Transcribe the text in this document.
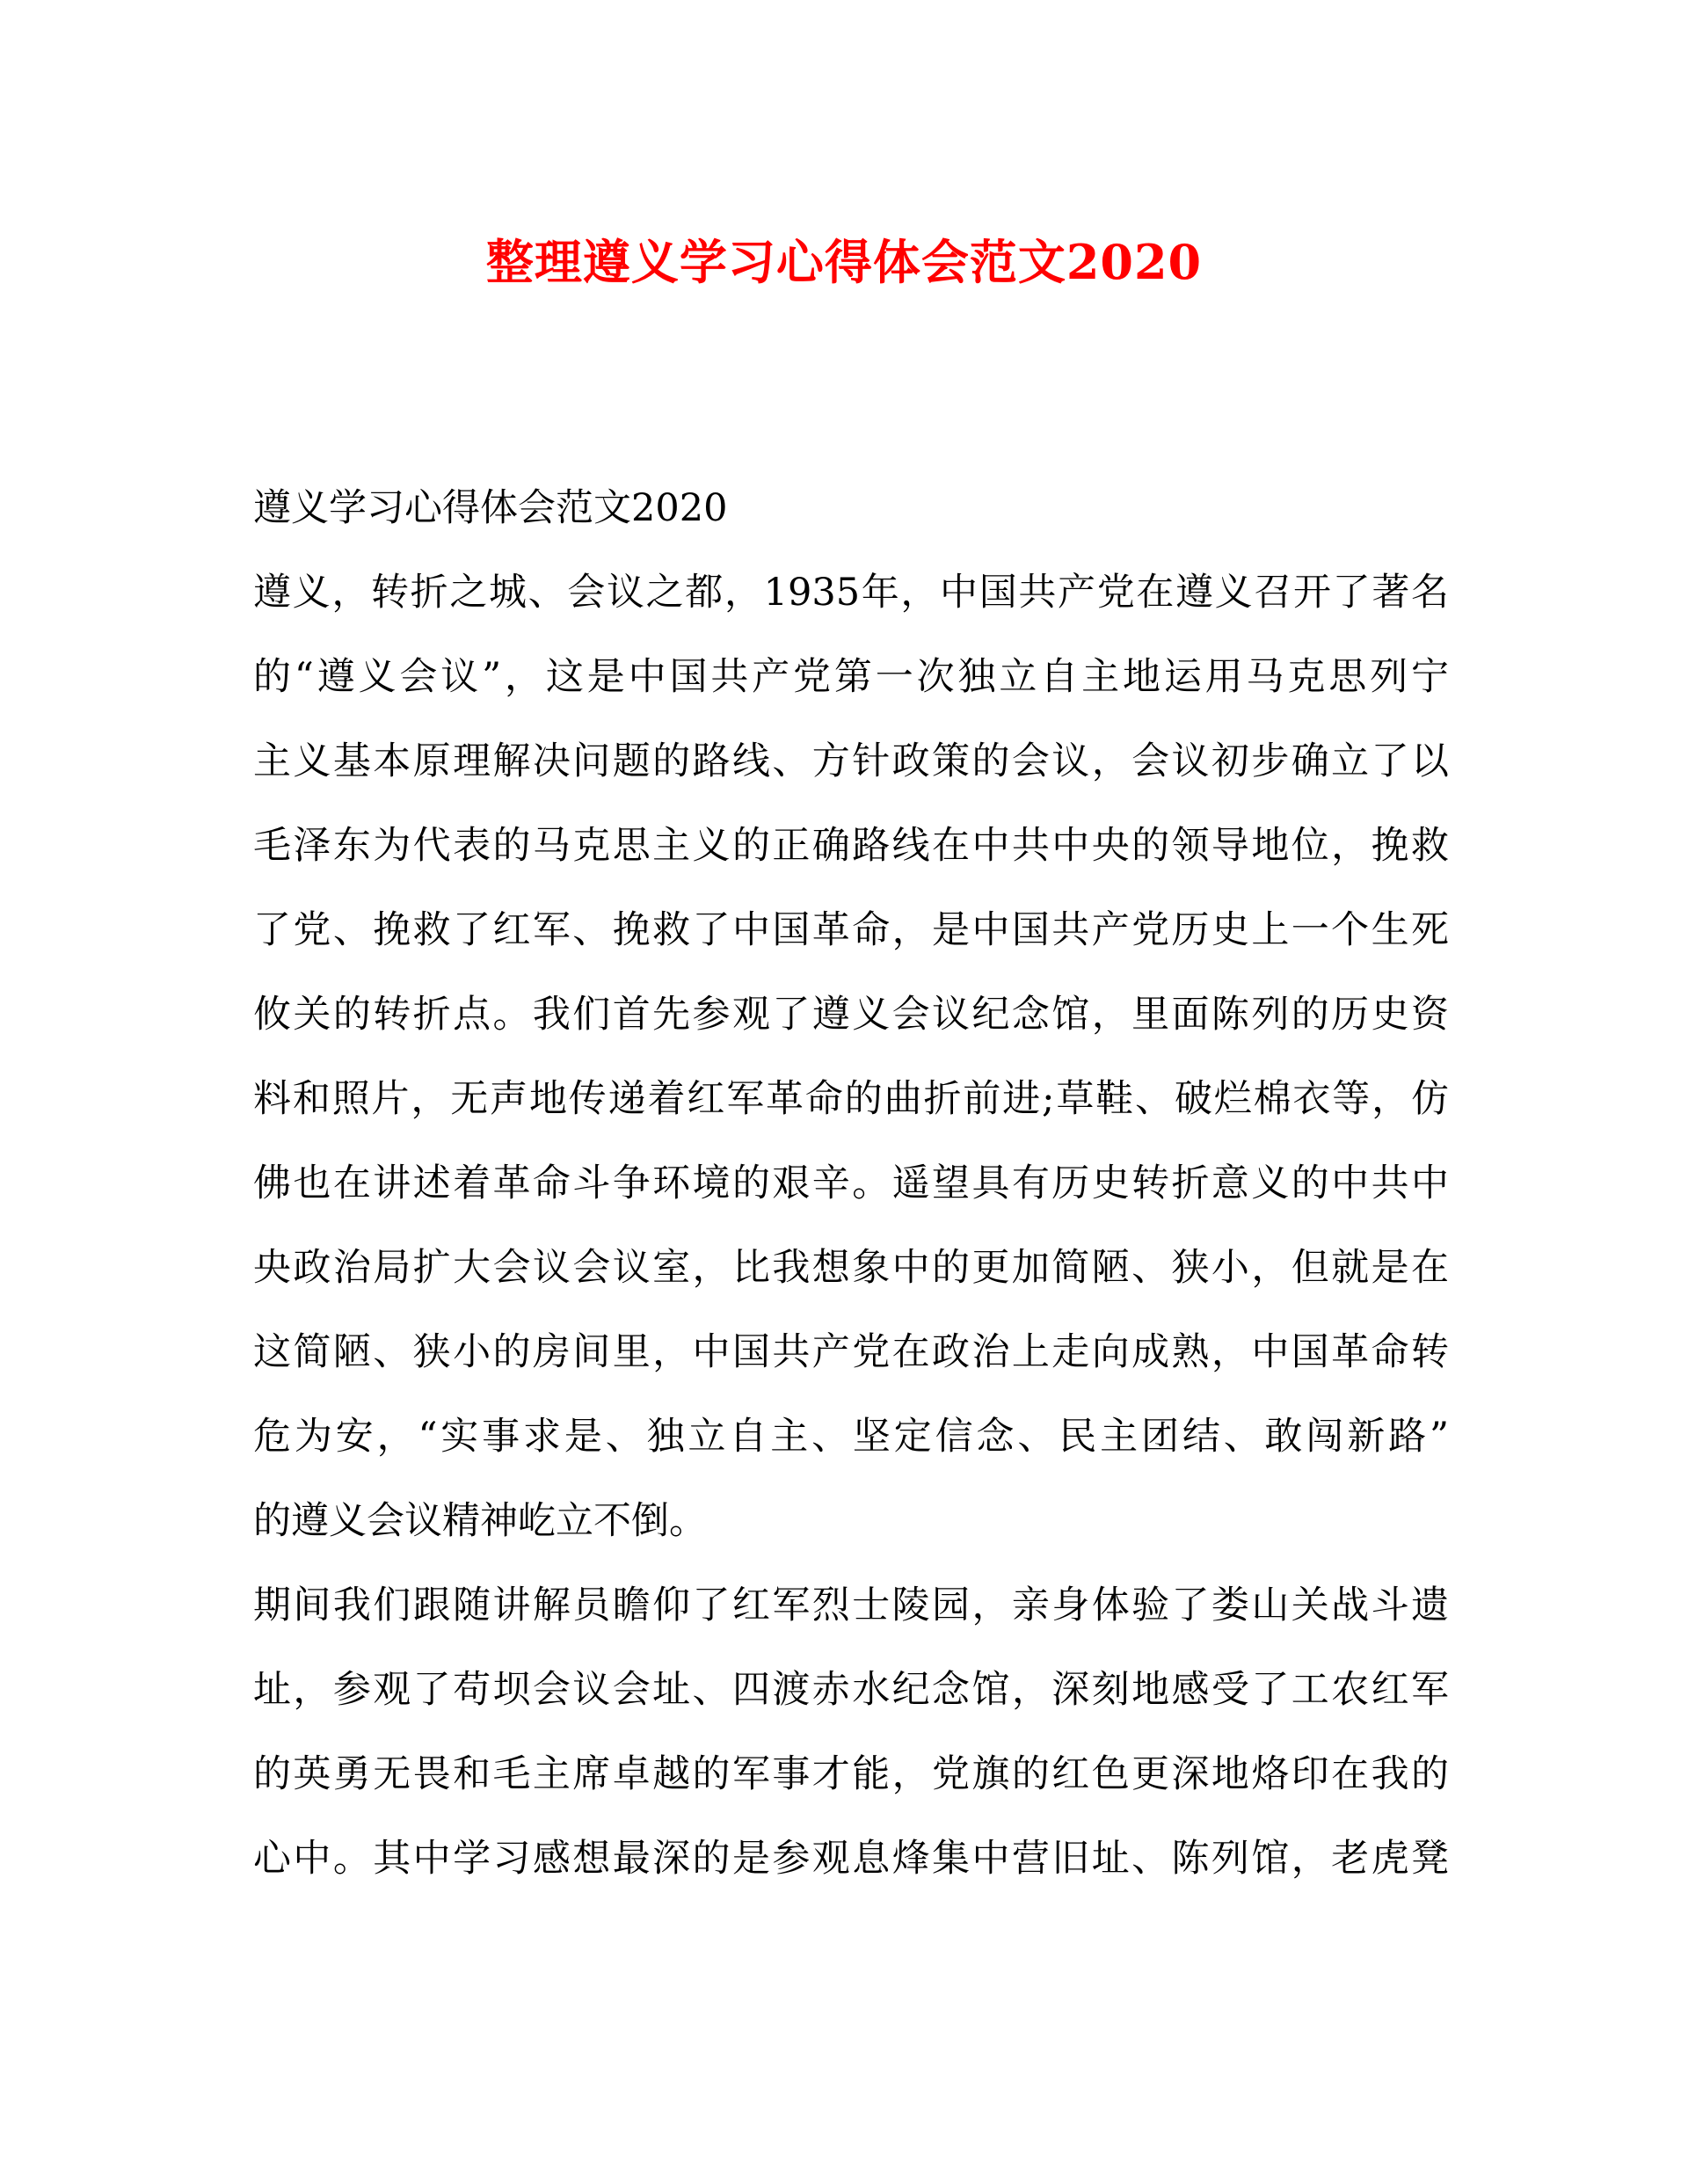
整理遵义学习心得体会范文2020
遵义学习心得体会范文2020
遵义，转折之城、会议之都，1935年，中国共产党在遵义召开了著名
的“遵义会议”，这是中国共产党第一次独立自主地运用马克思列宁
主义基本原理解决问题的路线、方针政策的会议，会议初步确立了以
毛泽东为代表的马克思主义的正确路线在中共中央的领导地位，挽救
了党、挽救了红军、挽救了中国革命，是中国共产党历史上一个生死
攸关的转折点。我们首先参观了遵义会议纪念馆，里面陈列的历史资
料和照片，无声地传递着红军革命的曲折前进;草鞋、破烂棉衣等，仿
佛也在讲述着革命斗争环境的艰辛。遥望具有历史转折意义的中共中
央政治局扩大会议会议室，比我想象中的更加简陋、狭小，但就是在
这简陋、狭小的房间里，中国共产党在政治上走向成熟，中国革命转
危为安，“实事求是、独立自主、坚定信念、民主团结、敢闯新路”
的遵义会议精神屹立不倒。
期间我们跟随讲解员瞻仰了红军烈士陵园，亲身体验了娄山关战斗遗
址，参观了苟坝会议会址、四渡赤水纪念馆，深刻地感受了工农红军
的英勇无畏和毛主席卓越的军事才能，党旗的红色更深地烙印在我的
心中。其中学习感想最深的是参观息烽集中营旧址、陈列馆，老虎凳
